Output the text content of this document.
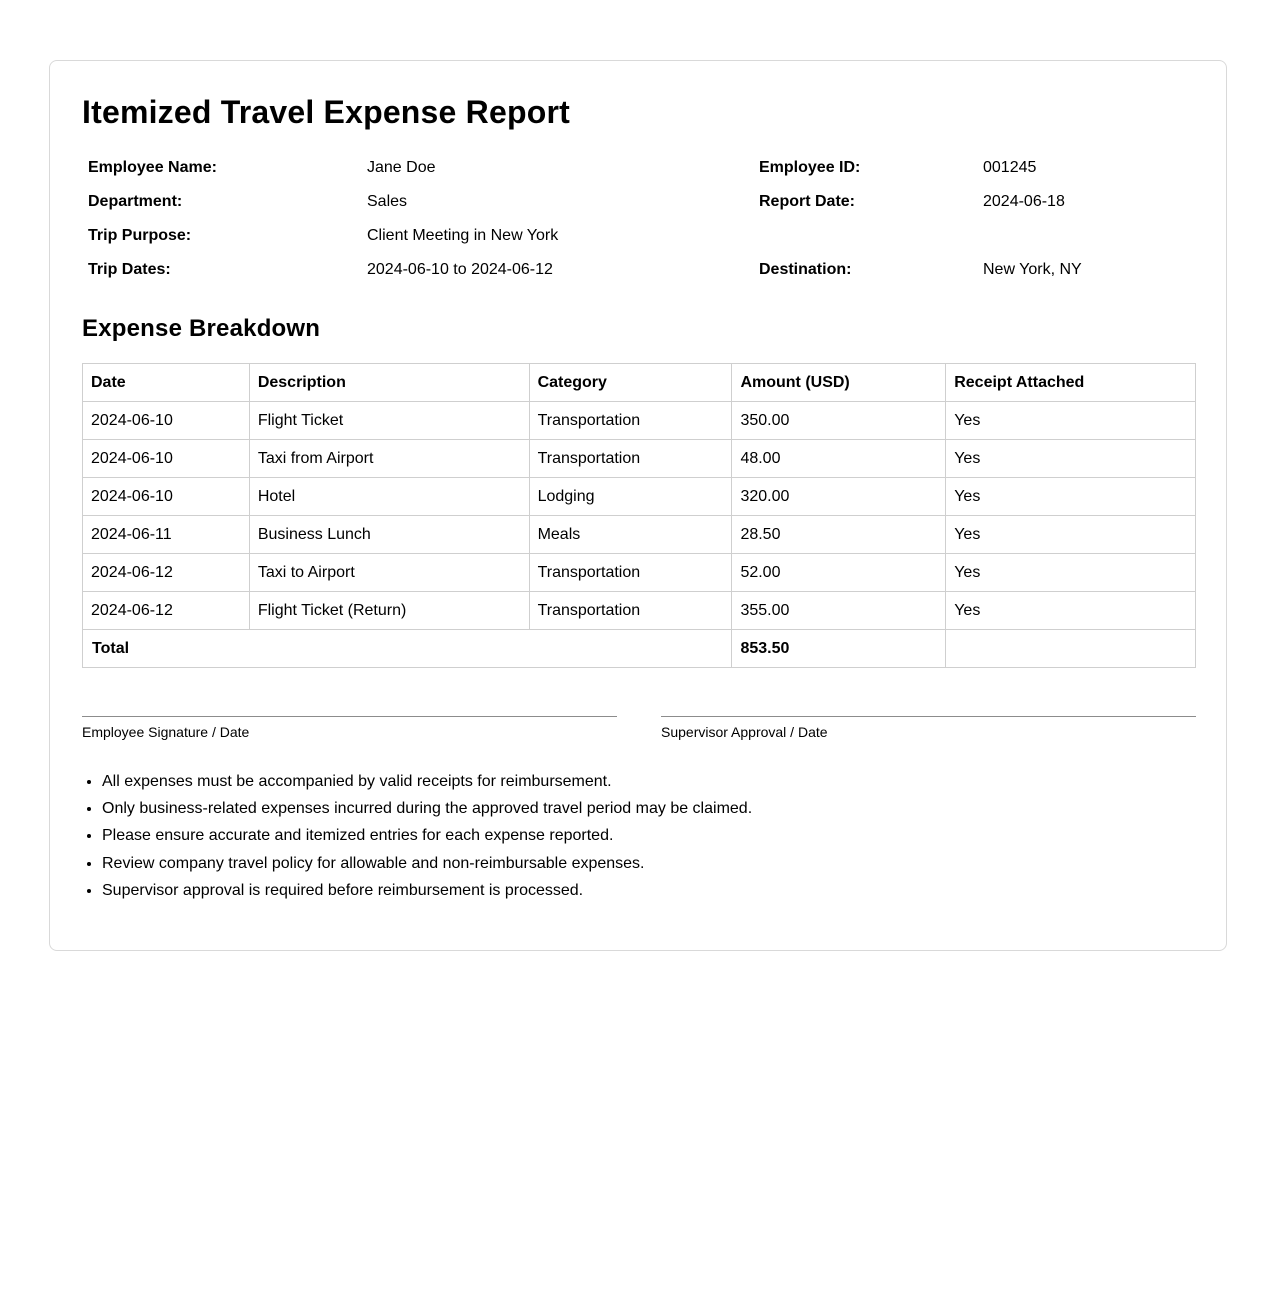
Itemized Travel Expense Report
Employee Name:	Jane Doe	Employee ID:	001245
Department:	Sales	Report Date:	2024-06-18
Trip Purpose:	Client Meeting in New York		
Trip Dates:	2024-06-10 to 2024-06-12	Destination:	New York, NY
Expense Breakdown
Date	Description	Category	Amount (USD)	Receipt Attached
2024-06-10	Flight Ticket	Transportation	350.00	Yes
2024-06-10	Taxi from Airport	Transportation	48.00	Yes
2024-06-10	Hotel	Lodging	320.00	Yes
2024-06-11	Business Lunch	Meals	28.50	Yes
2024-06-12	Taxi to Airport	Transportation	52.00	Yes
2024-06-12	Flight Ticket (Return)	Transportation	355.00	Yes
Total			853.50	
Employee Signature / Date	Supervisor Approval / Date
• All expenses must be accompanied by valid receipts for reimbursement.
• Only business-related expenses incurred during the approved travel period may be claimed.
• Please ensure accurate and itemized entries for each expense reported.
• Review company travel policy for allowable and non-reimbursable expenses.
• Supervisor approval is required before reimbursement is processed.
